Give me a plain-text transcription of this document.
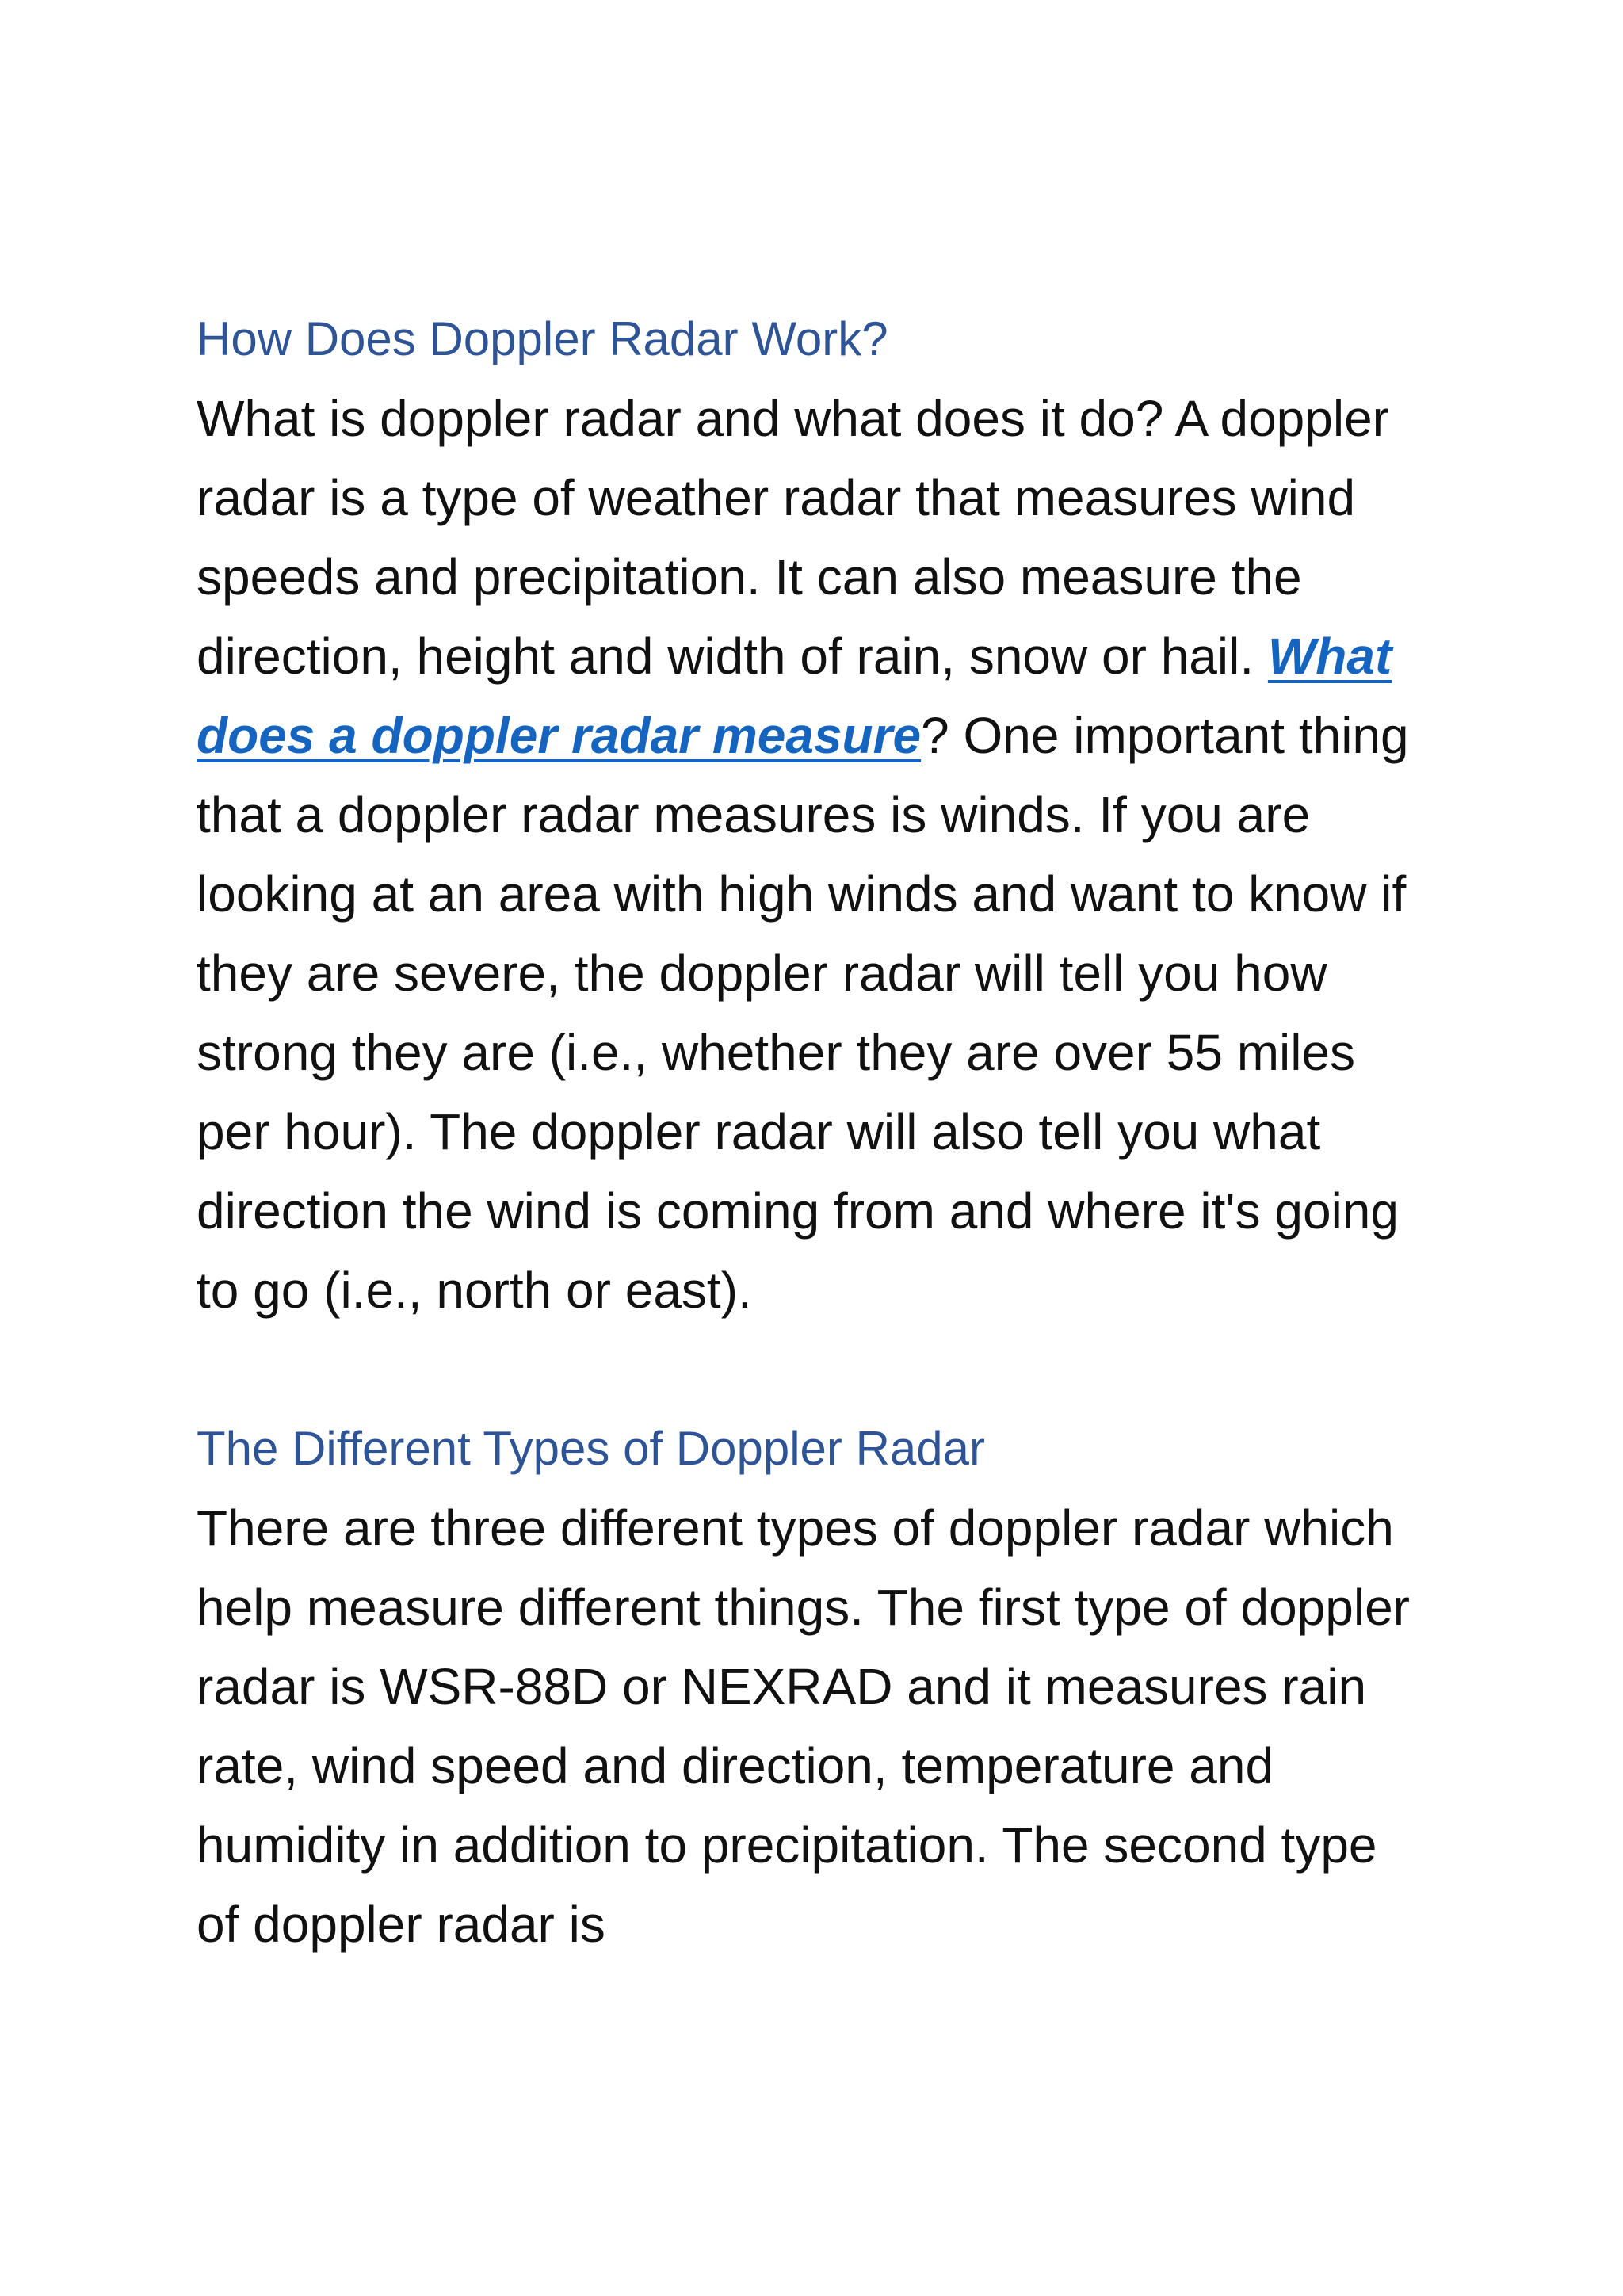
How Does Doppler Radar Work?

What is doppler radar and what does it do? A doppler radar is a type of weather radar that measures wind speeds and precipitation. It can also measure the direction, height and width of rain, snow or hail. What does a doppler radar measure? One important thing that a doppler radar measures is winds. If you are looking at an area with high winds and want to know if they are severe, the doppler radar will tell you how strong they are (i.e., whether they are over 55 miles per hour). The doppler radar will also tell you what direction the wind is coming from and where it's going to go (i.e., north or east).

The Different Types of Doppler Radar

There are three different types of doppler radar which help measure different things. The first type of doppler radar is WSR-88D or NEXRAD and it measures rain rate, wind speed and direction, temperature and humidity in addition to precipitation. The second type of doppler radar is
